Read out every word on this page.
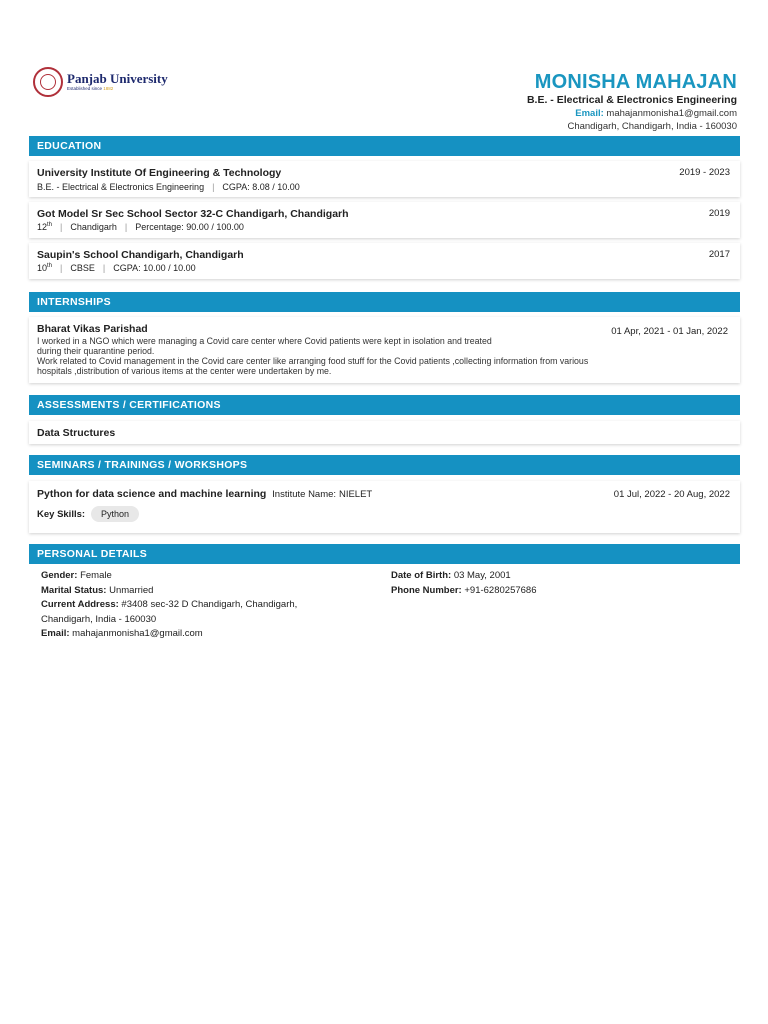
Panjab University
Established since 1882	MONISHA MAHAJAN
B.E. - Electrical & Electronics Engineering
Email: mahajanmonisha1@gmail.com
Chandigarh, Chandigarh, India - 160030
EDUCATION
University Institute Of Engineering & Technology	2019 - 2023
B.E. - Electrical & Electronics Engineering | CGPA: 8.08 / 10.00
Got Model Sr Sec School Sector 32-C Chandigarh, Chandigarh	2019
12th | Chandigarh | Percentage: 90.00 / 100.00
Saupin's School Chandigarh, Chandigarh	2017
10th | CBSE | CGPA: 10.00 / 10.00
INTERNSHIPS
Bharat Vikas Parishad	01 Apr, 2021 - 01 Jan, 2022
I worked in a NGO which were managing a Covid care center where Covid patients were kept in isolation and treated
during their quarantine period.
Work related to Covid management in the Covid care center like arranging food stuff for the Covid patients ,collecting information from various
hospitals ,distribution of various items at the center were undertaken by me.
ASSESSMENTS / CERTIFICATIONS
Data Structures
SEMINARS / TRAININGS / WORKSHOPS
Python for data science and machine learning Institute Name: NIELET	01 Jul, 2022 - 20 Aug, 2022
Key Skills:	Python
PERSONAL DETAILS
Gender: Female
Marital Status: Unmarried
Current Address: #3408 sec-32 D Chandigarh, Chandigarh,
Chandigarh, India - 160030
Email: mahajanmonisha1@gmail.com
Date of Birth: 03 May, 2001
Phone Number: +91-6280257686
